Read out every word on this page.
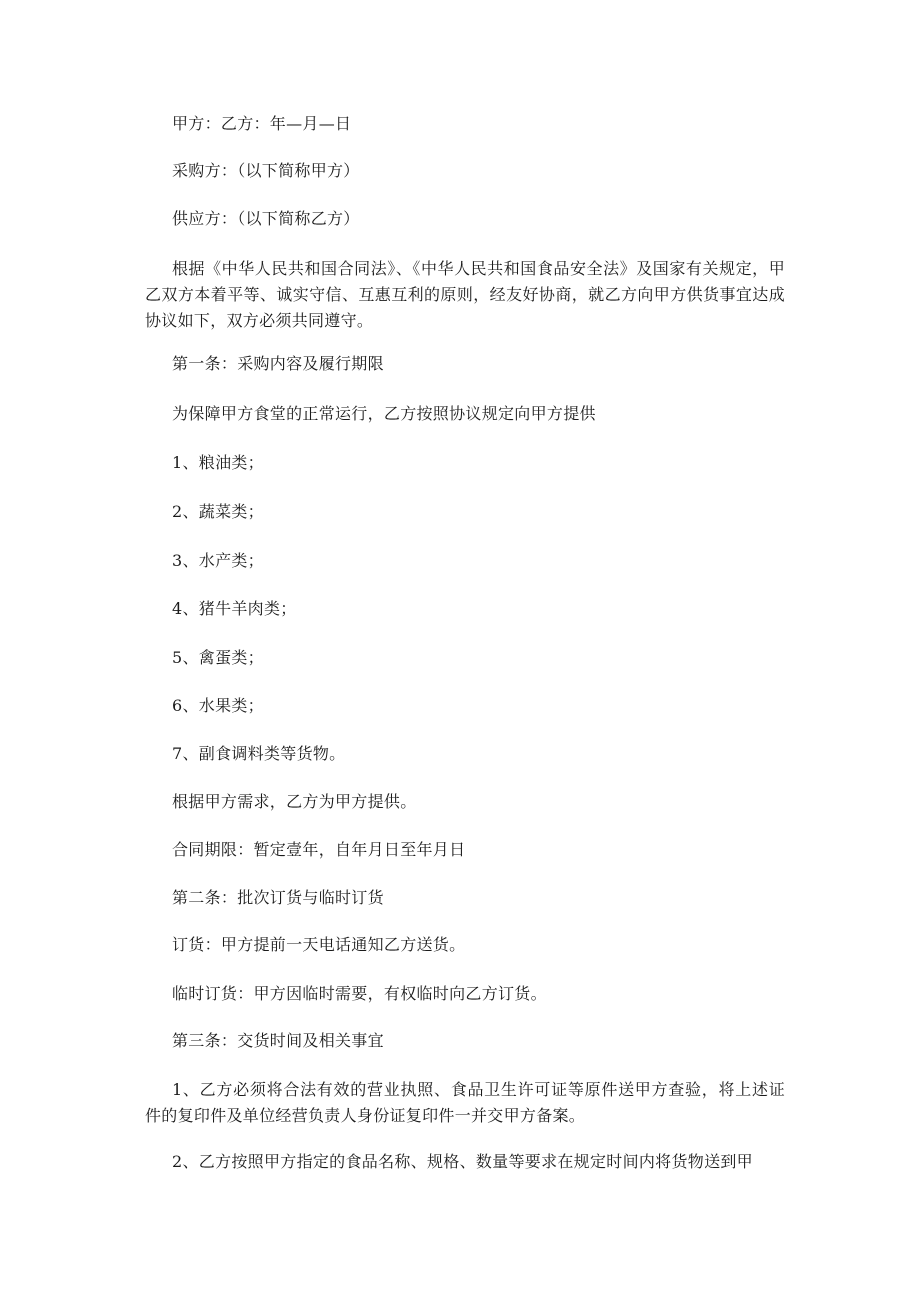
甲方：乙方：年—月—日
采购方：（以下简称甲方）
供应方：（以下简称乙方）
根据《中华人民共和国合同法》、《中华人民共和国食品安全法》及国家有关规定，甲乙双方本着平等、诚实守信、互惠互利的原则，经友好协商，就乙方向甲方供货事宜达成协议如下，双方必须共同遵守。
第一条：采购内容及履行期限
为保障甲方食堂的正常运行，乙方按照协议规定向甲方提供
1、粮油类；
2、蔬菜类；
3、水产类；
4、猪牛羊肉类；
5、禽蛋类；
6、水果类；
7、副食调料类等货物。
根据甲方需求，乙方为甲方提供。
合同期限：暂定壹年，自年月日至年月日
第二条：批次订货与临时订货
订货：甲方提前一天电话通知乙方送货。
临时订货：甲方因临时需要，有权临时向乙方订货。
第三条：交货时间及相关事宜
1、乙方必须将合法有效的营业执照、食品卫生许可证等原件送甲方查验，将上述证件的复印件及单位经营负责人身份证复印件一并交甲方备案。
2、乙方按照甲方指定的食品名称、规格、数量等要求在规定时间内将货物送到甲
